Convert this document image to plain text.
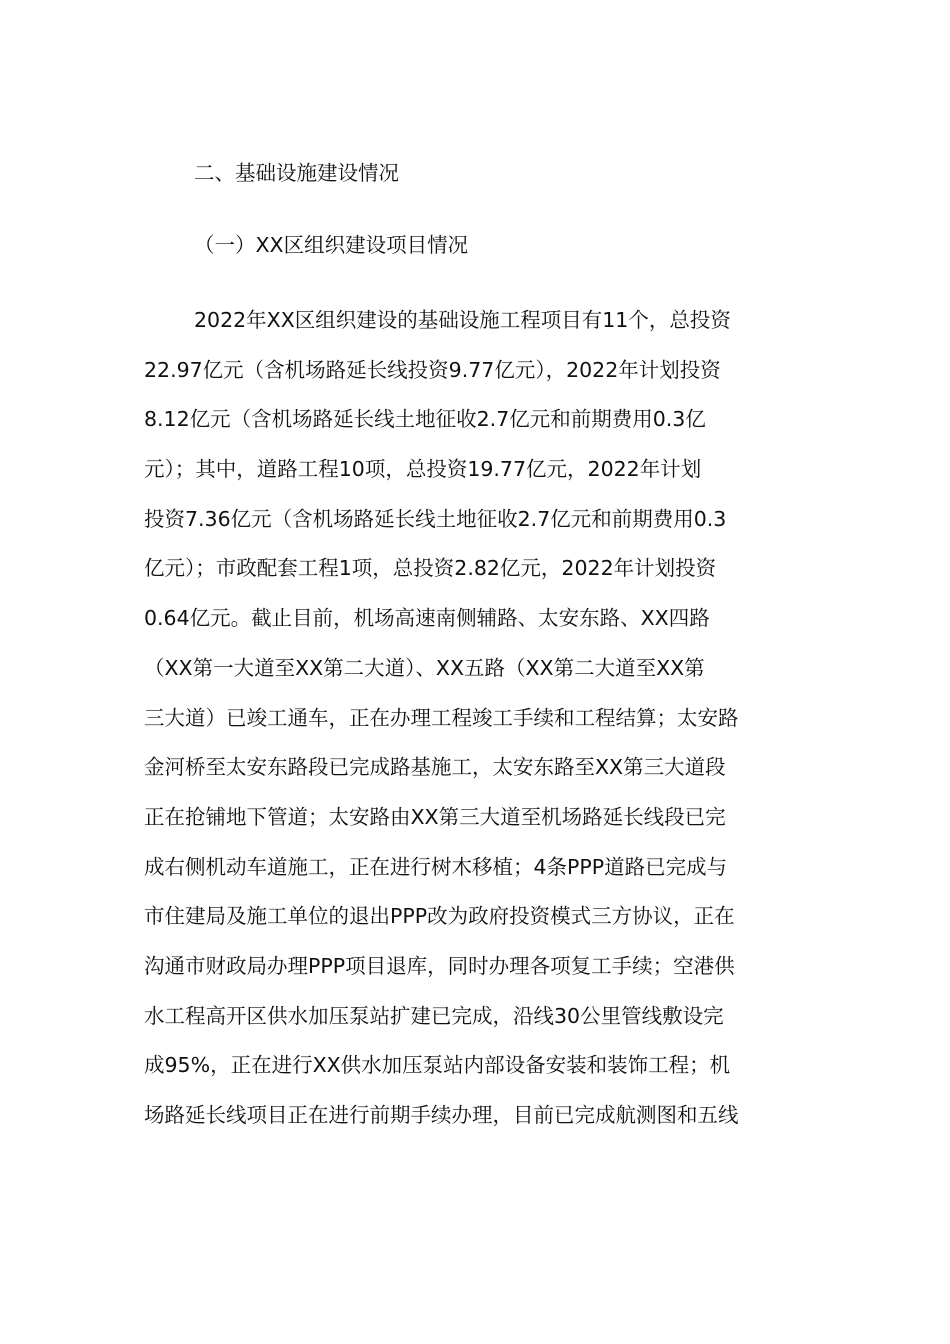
二、基础设施建设情况
（一）XX区组织建设项目情况
2022年XX区组织建设的基础设施工程项目有11个，总投资
22.97亿元（含机场路延长线投资9.77亿元），2022年计划投资
8.12亿元（含机场路延长线土地征收2.7亿元和前期费用0.3亿
元）；其中，道路工程10项，总投资19.77亿元，2022年计划
投资7.36亿元（含机场路延长线土地征收2.7亿元和前期费用0.3
亿元）；市政配套工程1项，总投资2.82亿元，2022年计划投资
0.64亿元。截止目前，机场高速南侧辅路、太安东路、XX四路
（XX第一大道至XX第二大道）、XX五路（XX第二大道至XX第
三大道）已竣工通车，正在办理工程竣工手续和工程结算；太安路
金河桥至太安东路段已完成路基施工，太安东路至XX第三大道段
正在抢铺地下管道；太安路由XX第三大道至机场路延长线段已完
成右侧机动车道施工，正在进行树木移植；4条PPP道路已完成与
市住建局及施工单位的退出PPP改为政府投资模式三方协议，正在
沟通市财政局办理PPP项目退库，同时办理各项复工手续；空港供
水工程高开区供水加压泵站扩建已完成，沿线30公里管线敷设完
成95%，正在进行XX供水加压泵站内部设备安装和装饰工程；机
场路延长线项目正在进行前期手续办理，目前已完成航测图和五线
